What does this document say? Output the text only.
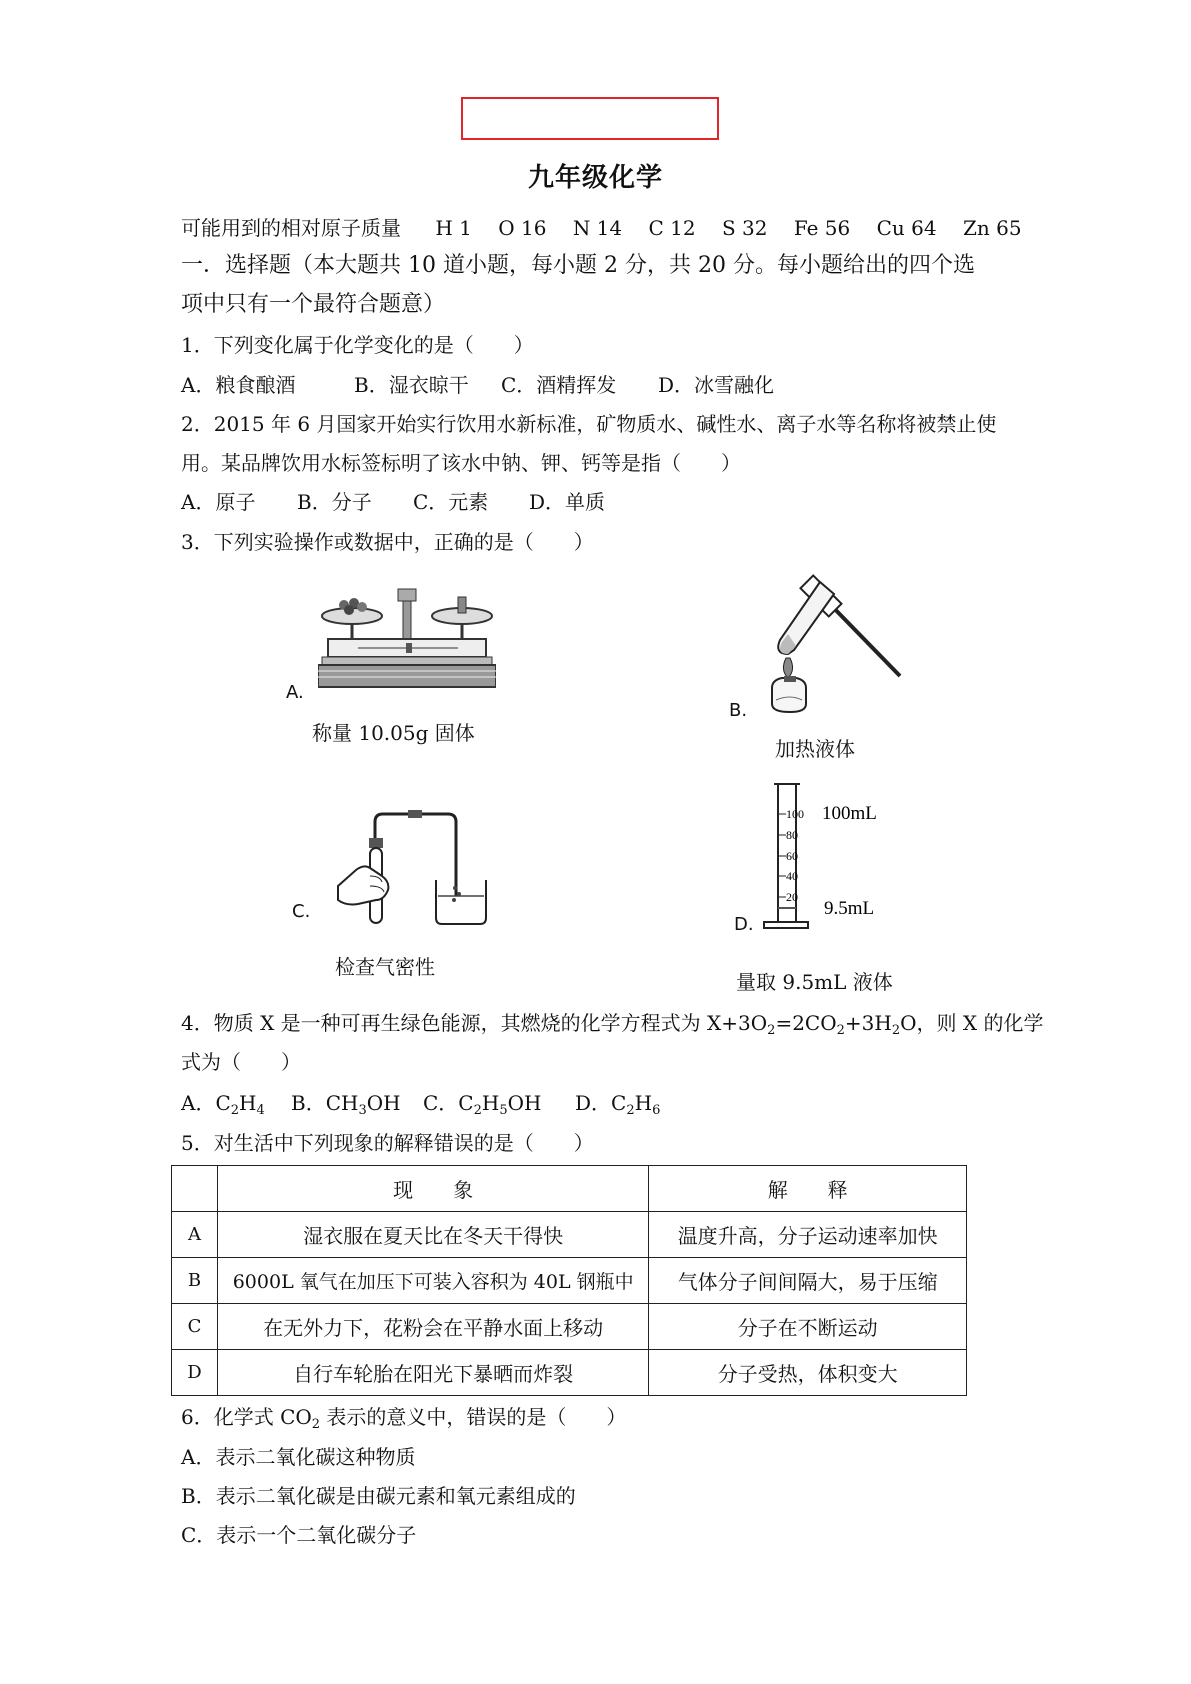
九年级化学
可能用到的相对原子质量 H 1 O 16 N 14 C 12 S 32 Fe 56 Cu 64 Zn 65
一．选择题（本大题共 10 道小题，每小题 2 分，共 20 分。每小题给出的四个选
项中只有一个最符合题意）
1．下列变化属于化学变化的是（　　）
A．粮食酿酒	B．湿衣晾干 C．酒精挥发 D．冰雪融化
2．2015 年 6 月国家开始实行饮用水新标准，矿物质水、碱性水、离子水等名称将被禁止使
用。某品牌饮用水标签标明了该水中钠、钾、钙等是指（　　）
A．原子 B．分子 C．元素 D．单质
3．下列实验操作或数据中，正确的是（　　）
A.
称量 10.05g 固体
B.
加热液体
C.
检查气密性
100
80
60
40
20
100mL
9.5mL
D.
量取 9.5mL 液体
4．物质 X 是一种可再生绿色能源，其燃烧的化学方程式为 $X+3O_2=2CO_2+3H_2O$，则 X 的化学
式为（　　）
A．$C_2H_4$ B．$CH_3OH$ C．$C_2H_5OH$ D．$C_2H_6$
5．对生活中下列现象的解释错误的是（　　）
	现　　象	解　　释
A	湿衣服在夏天比在冬天干得快	温度升高，分子运动速率加快
B	6000L 氧气在加压下可装入容积为 40L 钢瓶中	气体分子间间隔大，易于压缩
C	在无外力下，花粉会在平静水面上移动	分子在不断运动
D	自行车轮胎在阳光下暴晒而炸裂	分子受热，体积变大
6．化学式 $CO_2$ 表示的意义中，错误的是（　　）
A．表示二氧化碳这种物质
B．表示二氧化碳是由碳元素和氧元素组成的
C．表示一个二氧化碳分子
